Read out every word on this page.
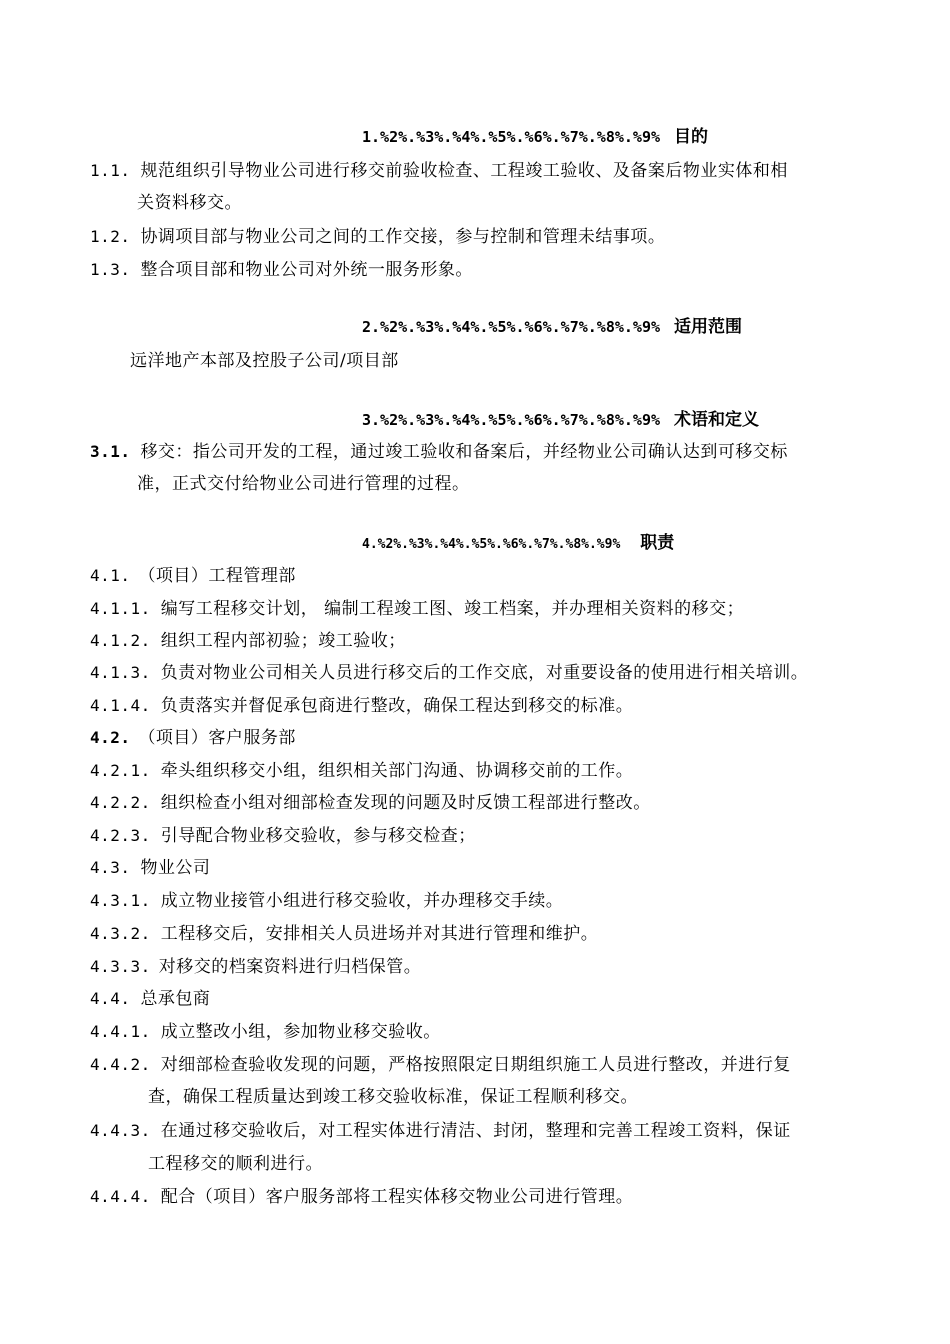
1.%2%.%3%.%4%.%5%.%6%.%7%.%8%.%9% 目的
1.1. 规范组织引导物业公司进行移交前验收检查、工程竣工验收、及备案后物业实体和相
关资料移交。
1.2. 协调项目部与物业公司之间的工作交接，参与控制和管理未结事项。
1.3. 整合项目部和物业公司对外统一服务形象。
2.%2%.%3%.%4%.%5%.%6%.%7%.%8%.%9% 适用范围
远洋地产本部及控股子公司/项目部
3.%2%.%3%.%4%.%5%.%6%.%7%.%8%.%9% 术语和定义
3.1. 移交：指公司开发的工程，通过竣工验收和备案后，并经物业公司确认达到可移交标
准，正式交付给物业公司进行管理的过程。
4.%2%.%3%.%4%.%5%.%6%.%7%.%8%.%9% 职责
4.1. （项目）工程管理部
4.1.1. 编写工程移交计划， 编制工程竣工图、竣工档案，并办理相关资料的移交；
4.1.2. 组织工程内部初验；竣工验收；
4.1.3. 负责对物业公司相关人员进行移交后的工作交底，对重要设备的使用进行相关培训。
4.1.4. 负责落实并督促承包商进行整改，确保工程达到移交的标准。
4.2. （项目）客户服务部
4.2.1. 牵头组织移交小组，组织相关部门沟通、协调移交前的工作。
4.2.2. 组织检查小组对细部检查发现的问题及时反馈工程部进行整改。
4.2.3. 引导配合物业移交验收，参与移交检查；
4.3. 物业公司
4.3.1. 成立物业接管小组进行移交验收，并办理移交手续。
4.3.2. 工程移交后，安排相关人员进场并对其进行管理和维护。
4.3.3. 对移交的档案资料进行归档保管。
4.4. 总承包商
4.4.1. 成立整改小组，参加物业移交验收。
4.4.2. 对细部检查验收发现的问题，严格按照限定日期组织施工人员进行整改，并进行复
查，确保工程质量达到竣工移交验收标准，保证工程顺利移交。
4.4.3. 在通过移交验收后，对工程实体进行清洁、封闭，整理和完善工程竣工资料，保证
工程移交的顺利进行。
4.4.4. 配合（项目）客户服务部将工程实体移交物业公司进行管理。
